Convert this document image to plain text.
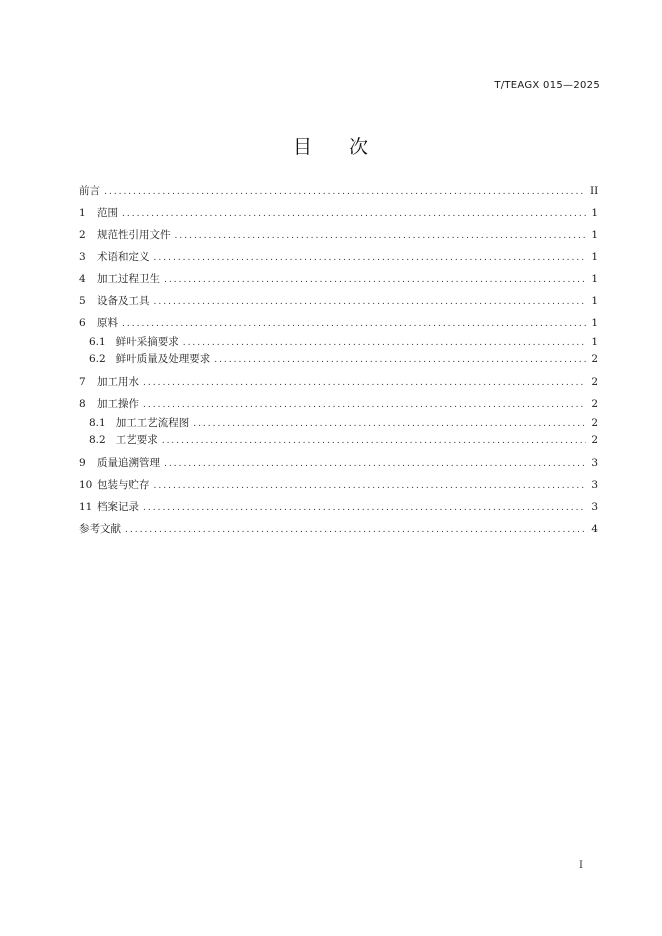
T/TEAGX 015—2025
目 次
前言 .....	II
1	范围 .....	1
2	规范性引用文件 .....	1
3	术语和定义 .....	1
4	加工过程卫生 .....	1
5	设备及工具 .....	1
6	原料 .....	1
6.1 鲜叶采摘要求 .....	1
6.2 鲜叶质量及处理要求 .....	2
7	加工用水 .....	2
8	加工操作 .....	2
8.1 加工工艺流程图 .....	2
8.2 工艺要求 .....	2
9	质量追溯管理 .....	3
10 包装与贮存 .....	3
11 档案记录 .....	3
参考文献 .....	4
I
